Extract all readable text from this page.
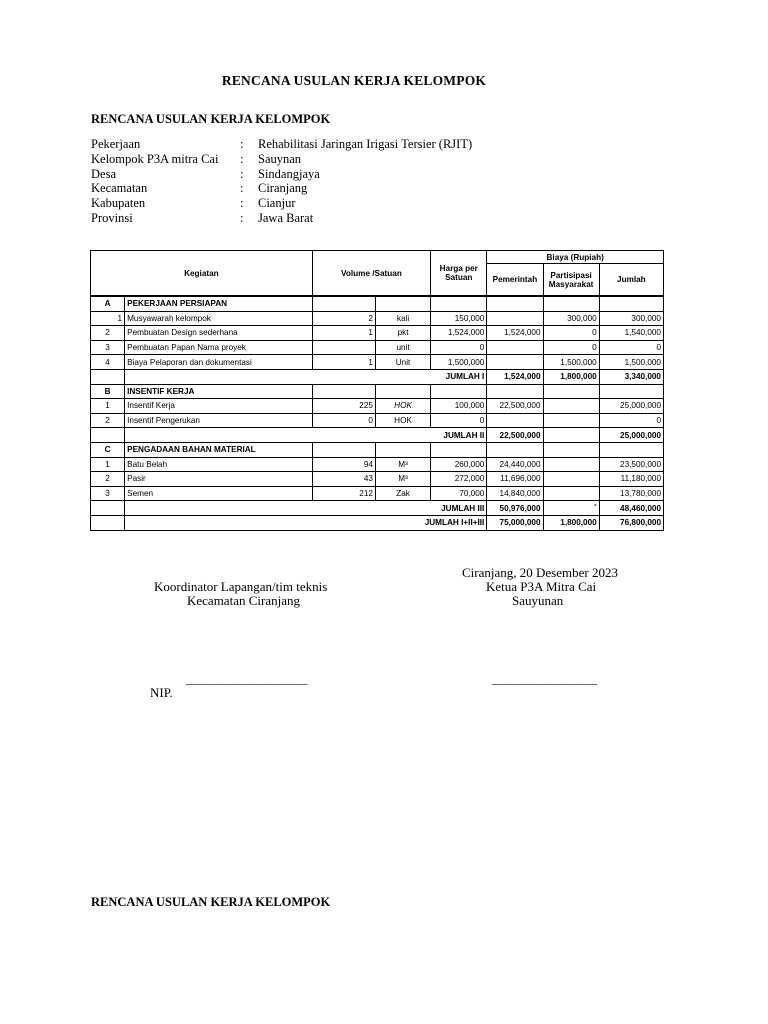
RENCANA USULAN KERJA KELOMPOK
RENCANA USULAN KERJA KELOMPOK
Pekerjaan	: Rehabilitasi Jaringan Irigasi Tersier (RJIT)
Kelompok P3A mitra Cai : Sauynan
Desa	: Sindangjaya
Kecamatan	: Ciranjang
Kabupaten	: Cianjur
Provinsi	: Jawa Barat
Kegiatan		Volume /Satuan		Harga per Satuan	Biaya (Rupiah)		
					Pemerintah	Partisipasi Masyarakat	Jumlah

A	PEKERJAAN PERSIAPAN						
1	Musyawarah kelompok	2	kali	150,000		300,000	300,000
2	Pembuatan Design sederhana	1	pkt	1,524,000	1,524,000	0	1,540,000
3	Pembuatan Papan Nama proyek		unit	0		0	0
4	Biaya Pelaporan dan dokumentasi	1	Unit	1,500,000		1,500,000	1,500,000
	JUMLAH I				1,524,000	1,800,000	3,340,000
B	INSENTIF KERJA						
1	Insentif Kerja	225	HOK	100,000	22,500,000		25,000,000
2	Insentif Pengerukan	0	HOK	0			0
	JUMLAH II				22,500,000		25,000,000
C	PENGADAAN BAHAN MATERIAL						
1	Batu Belah	94	M³	260,000	24,440,000		23,500,000
2	Pasir	43	M³	272,000	11,696,000		11,180,000
3	Semen	212	Zak	70,000	14,840,000		13,780,000
	JUMLAH III				50,976,000	-	48,460,000
	JUMLAH I+II+III				75,000,000	1,800,000	76,800,000
Ciranjang, 20 Desember 2023
Ketua P3A Mitra Cai
Sauyunan
Koordinator Lapangan/tim teknis
Kecamatan Ciranjang
______________________	___________________
NIP.
RENCANA USULAN KERJA KELOMPOK
